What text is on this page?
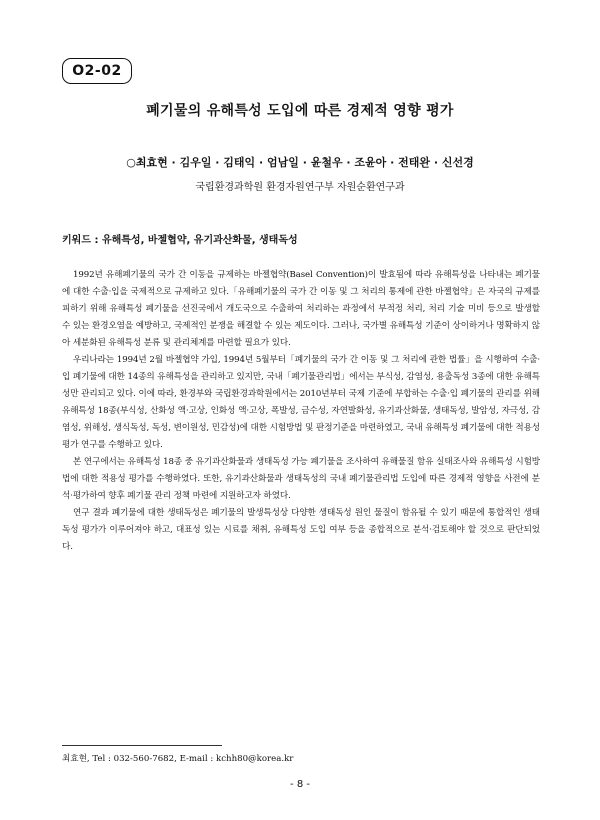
O2-02
폐기물의 유해특성 도입에 따른 경제적 영향 평가
○최효현 · 김우일 · 김태익 · 엄남일 · 윤철우 · 조윤아 · 전태완 · 신선경
국립환경과학원 환경자원연구부 자원순환연구과
키워드 : 유해특성, 바젤협약, 유기과산화물, 생태독성

1992년 유해폐기물의 국가 간 이동을 규제하는 바젤협약(Basel Convention)이 발효됨에 따라 유해특성을 나타내는 폐기물에 대한 수출·입을 국제적으로 규제하고 있다.「유해폐기물의 국가 간 이동 및 그 처리의 통제에 관한 바젤협약」은 자국의 규제를 피하기 위해 유해특성 폐기물을 선진국에서 개도국으로 수출하여 처리하는 과정에서 부적정 처리, 처리 기술 미비 등으로 발생할 수 있는 환경오염을 예방하고, 국제적인 분쟁을 해결할 수 있는 제도이다. 그러나, 국가별 유해특성 기준이 상이하거나 명확하지 않아 세분화된 유해특성 분류 및 관리체계를 마련할 필요가 있다.

우리나라는 1994년 2월 바젤협약 가입, 1994년 5월부터「폐기물의 국가 간 이동 및 그 처리에 관한 법률」을 시행하여 수출·입 폐기물에 대한 14종의 유해특성을 관리하고 있지만, 국내「폐기물관리법」에서는 부식성, 감염성, 용출독성 3종에 대한 유해특성만 관리되고 있다. 이에 따라, 환경부와 국립환경과학원에서는 2010년부터 국제 기준에 부합하는 수출·입 폐기물의 관리를 위해 유해특성 18종(부식성, 산화성 액·고상, 인화성 액·고상, 폭발성, 금수성, 자연발화성, 유기과산화물, 생태독성, 발암성, 자극성, 감염성, 위해성, 생식독성, 독성, 변이원성, 민감성)에 대한 시험방법 및 판정기준을 마련하였고, 국내 유해특성 폐기물에 대한 적용성 평가 연구를 수행하고 있다.

본 연구에서는 유해특성 18종 중 유기과산화물과 생태독성 가능 폐기물을 조사하여 유해물질 함유 실태조사와 유해특성 시험방법에 대한 적용성 평가를 수행하였다. 또한, 유기과산화물과 생태독성의 국내 폐기물관리법 도입에 따른 경제적 영향을 사전에 분석·평가하여 향후 폐기물 관리 정책 마련에 지원하고자 하였다.

연구 결과 폐기물에 대한 생태독성은 폐기물의 발생특성상 다양한 생태독성 원인 물질이 함유될 수 있기 때문에 통합적인 생태독성 평가가 이루어져야 하고, 대표성 있는 시료를 채취, 유해특성 도입 여부 등을 종합적으로 분석·검토해야 할 것으로 판단되었다.

최효현, Tel : 032-560-7682, E-mail : kchh80@korea.kr
- 8 -
